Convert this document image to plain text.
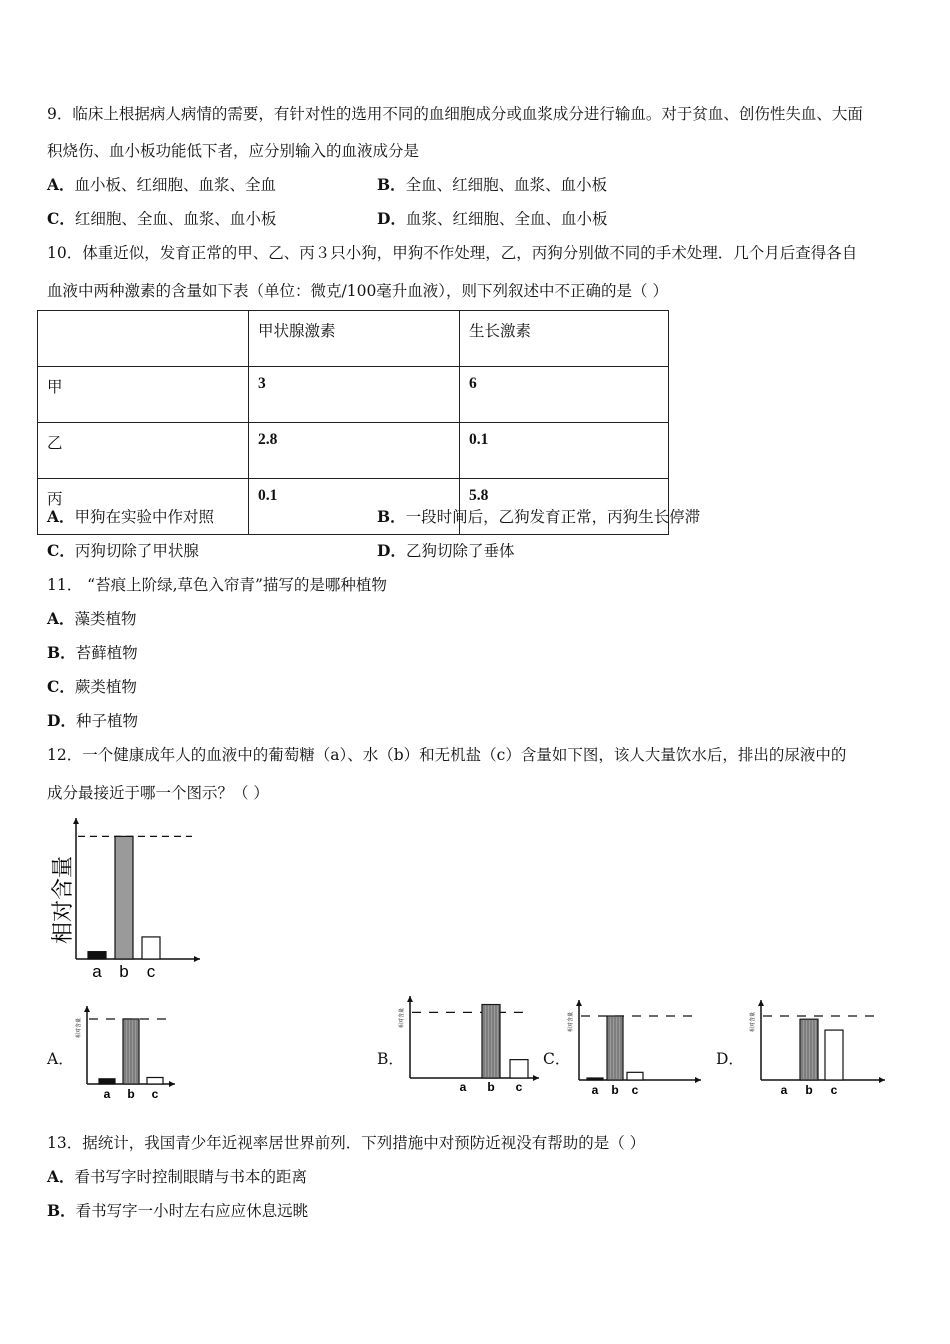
9．临床上根据病人病情的需要，有针对性的选用不同的血细胞成分或血浆成分进行输血。对于贫血、创伤性失血、大面
积烧伤、血小板功能低下者，应分别输入的血液成分是
A．血小板、红细胞、血浆、全血	B．全血、红细胞、血浆、血小板
C．红细胞、全血、血浆、血小板	D．血浆、红细胞、全血、血小板
10．体重近似，发育正常的甲、乙、丙３只小狗，甲狗不作处理，乙，丙狗分别做不同的手术处理．几个月后查得各自
血液中两种激素的含量如下表（单位：微克/100毫升血液），则下列叙述中不正确的是（ ）
	甲状腺激素	生长激素
甲	3	6
乙	2.8	0.1
丙	0.1	5.8
A．甲狗在实验中作对照	B．一段时间后，乙狗发育正常，丙狗生长停滞
C．丙狗切除了甲状腺	D．乙狗切除了垂体
11． “苔痕上阶绿,草色入帘青”描写的是哪种植物
A．藻类植物
B．苔藓植物
C．蕨类植物
D．种子植物
12．一个健康成年人的血液中的葡萄糖（a）、水（b）和无机盐（c）含量如下图，该人大量饮水后，排出的尿液中的
成分最接近于哪一个图示？（ ）
相对含量
a b c
A．
a b c
相对含量
B．
a b c
相对含量
C．
a b c
相对含量
D．
a b c
相对含量
13．据统计，我国青少年近视率居世界前列．下列措施中对预防近视没有帮助的是（ ）
A．看书写字时控制眼睛与书本的距离
B．看书写字一小时左右应应休息远眺
